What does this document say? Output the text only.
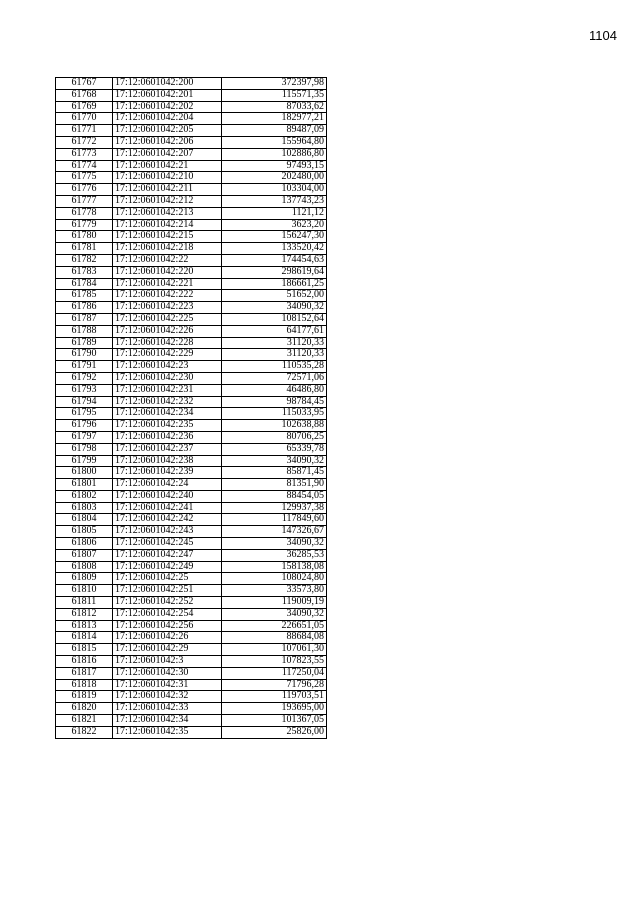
1104
61767	17:12:0601042:200	372397,98
61768	17:12:0601042:201	115571,35
61769	17:12:0601042:202	87033,62
61770	17:12:0601042:204	182977,21
61771	17:12:0601042:205	89487,09
61772	17:12:0601042:206	155964,80
61773	17:12:0601042:207	102886,80
61774	17:12:0601042:21	97493,15
61775	17:12:0601042:210	202480,00
61776	17:12:0601042:211	103304,00
61777	17:12:0601042:212	137743,23
61778	17:12:0601042:213	1121,12
61779	17:12:0601042:214	3623,20
61780	17:12:0601042:215	156247,30
61781	17:12:0601042:218	133520,42
61782	17:12:0601042:22	174454,63
61783	17:12:0601042:220	298619,64
61784	17:12:0601042:221	186661,25
61785	17:12:0601042:222	51652,00
61786	17:12:0601042:223	34090,32
61787	17:12:0601042:225	108152,64
61788	17:12:0601042:226	64177,61
61789	17:12:0601042:228	31120,33
61790	17:12:0601042:229	31120,33
61791	17:12:0601042:23	110535,28
61792	17:12:0601042:230	72571,06
61793	17:12:0601042:231	46486,80
61794	17:12:0601042:232	98784,45
61795	17:12:0601042:234	115033,95
61796	17:12:0601042:235	102638,88
61797	17:12:0601042:236	80706,25
61798	17:12:0601042:237	65339,78
61799	17:12:0601042:238	34090,32
61800	17:12:0601042:239	85871,45
61801	17:12:0601042:24	81351,90
61802	17:12:0601042:240	88454,05
61803	17:12:0601042:241	129937,38
61804	17:12:0601042:242	117849,60
61805	17:12:0601042:243	147326,67
61806	17:12:0601042:245	34090,32
61807	17:12:0601042:247	36285,53
61808	17:12:0601042:249	158138,08
61809	17:12:0601042:25	108024,80
61810	17:12:0601042:251	33573,80
61811	17:12:0601042:252	119009,19
61812	17:12:0601042:254	34090,32
61813	17:12:0601042:256	226651,05
61814	17:12:0601042:26	88684,08
61815	17:12:0601042:29	107061,30
61816	17:12:0601042:3	107823,55
61817	17:12:0601042:30	117250,04
61818	17:12:0601042:31	71796,28
61819	17:12:0601042:32	119703,51
61820	17:12:0601042:33	193695,00
61821	17:12:0601042:34	101367,05
61822	17:12:0601042:35	25826,00
